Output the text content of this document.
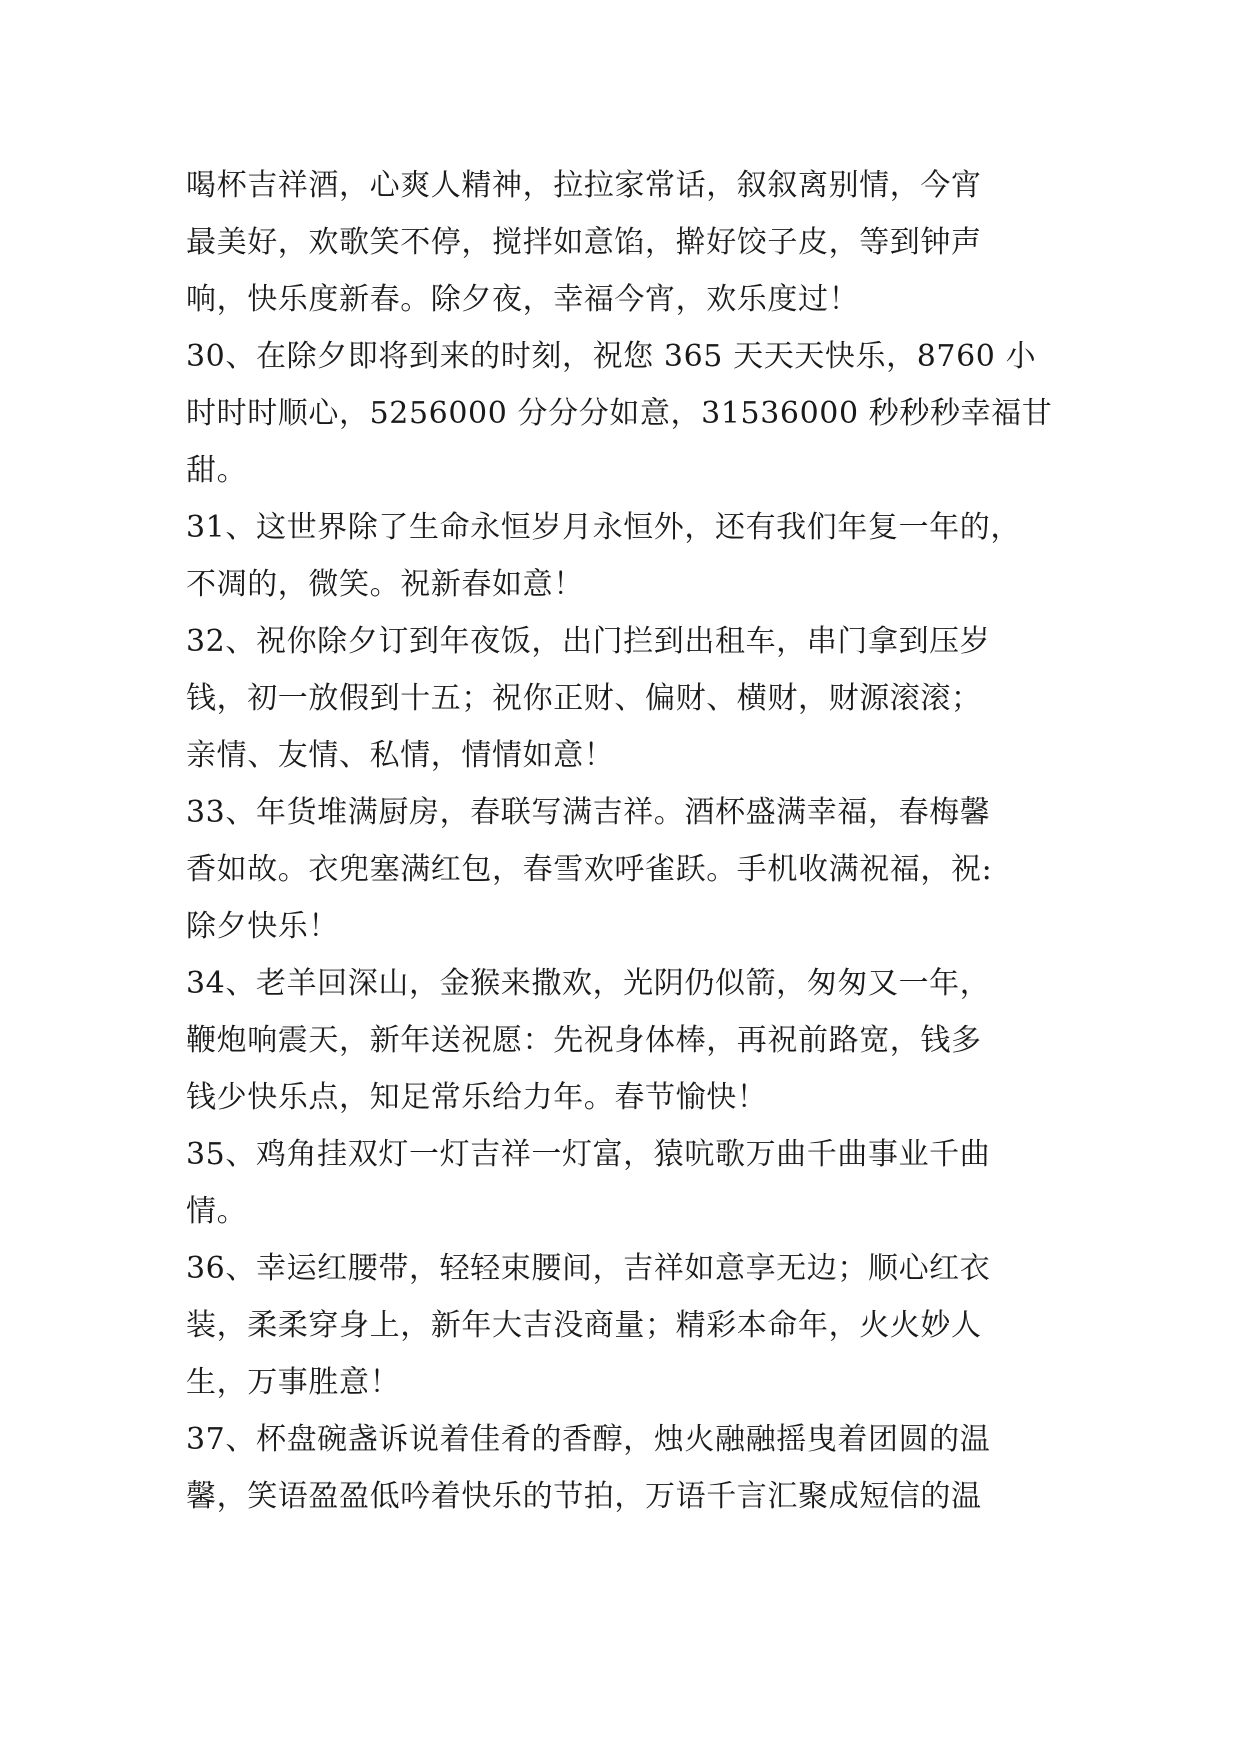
喝杯吉祥酒，心爽人精神，拉拉家常话，叙叙离别情，今宵
最美好，欢歌笑不停，搅拌如意馅，擀好饺子皮，等到钟声
响，快乐度新春。除夕夜，幸福今宵，欢乐度过！
30、在除夕即将到来的时刻，祝您 365 天天天快乐，8760 小
时时时顺心，5256000 分分分如意，31536000 秒秒秒幸福甘
甜。
31、这世界除了生命永恒岁月永恒外，还有我们年复一年的，
不凋的，微笑。祝新春如意！
32、祝你除夕订到年夜饭，出门拦到出租车，串门拿到压岁
钱，初一放假到十五；祝你正财、偏财、横财，财源滚滚；
亲情、友情、私情，情情如意！
33、年货堆满厨房，春联写满吉祥。酒杯盛满幸福，春梅馨
香如故。衣兜塞满红包，春雪欢呼雀跃。手机收满祝福，祝:
除夕快乐！
34、老羊回深山，金猴来撒欢，光阴仍似箭，匆匆又一年，
鞭炮响震天，新年送祝愿：先祝身体棒，再祝前路宽，钱多
钱少快乐点，知足常乐给力年。春节愉快！
35、鸡角挂双灯一灯吉祥一灯富，猿吭歌万曲千曲事业千曲
情。
36、幸运红腰带，轻轻束腰间，吉祥如意享无边；顺心红衣
装，柔柔穿身上，新年大吉没商量；精彩本命年，火火妙人
生，万事胜意！
37、杯盘碗盏诉说着佳肴的香醇，烛火融融摇曳着团圆的温
馨，笑语盈盈低吟着快乐的节拍，万语千言汇聚成短信的温
